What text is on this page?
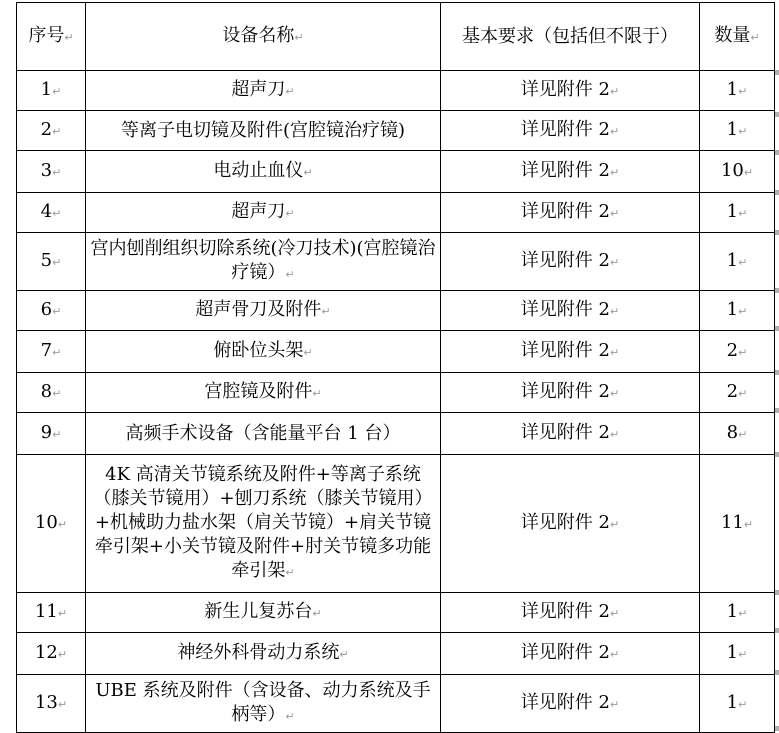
序号 ↵	设备名称 ↵	基本要求（包括但不限于）	数量 ↵
1 ↵	超声刀 ↵	详见附件 2 ↵	1 ↵
2 ↵	等离子电切镜及附件(宫腔镜治疗镜)	详见附件 2 ↵	1 ↵
3 ↵	电动止血仪 ↵	详见附件 2 ↵	10 ↵
4 ↵	超声刀 ↵	详见附件 2 ↵	1 ↵
5 ↵	宫内刨削组织切除系统(冷刀技术)(宫腔镜治疗镜） ↵	详见附件 2 ↵	1 ↵
6 ↵	超声骨刀及附件 ↵	详见附件 2 ↵	1 ↵
7 ↵	俯卧位头架 ↵	详见附件 2 ↵	2 ↵
8 ↵	宫腔镜及附件 ↵	详见附件 2 ↵	2 ↵
9 ↵	高频手术设备（含能量平台 1 台）	详见附件 2 ↵	8 ↵
10 ↵	4K 高清关节镜系统及附件+等离子系统（膝关节镜用）+刨刀系统（膝关节镜用）+机械助力盐水架（肩关节镜）+肩关节镜牵引架+小关节镜及附件+肘关节镜多功能牵引架 ↵	详见附件 2 ↵	11 ↵
11 ↵	新生儿复苏台 ↵	详见附件 2 ↵	1 ↵
12 ↵	神经外科骨动力系统 ↵	详见附件 2 ↵	1 ↵
13 ↵	UBE 系统及附件（含设备、动力系统及手柄等） ↵	详见附件 2 ↵	1 ↵
